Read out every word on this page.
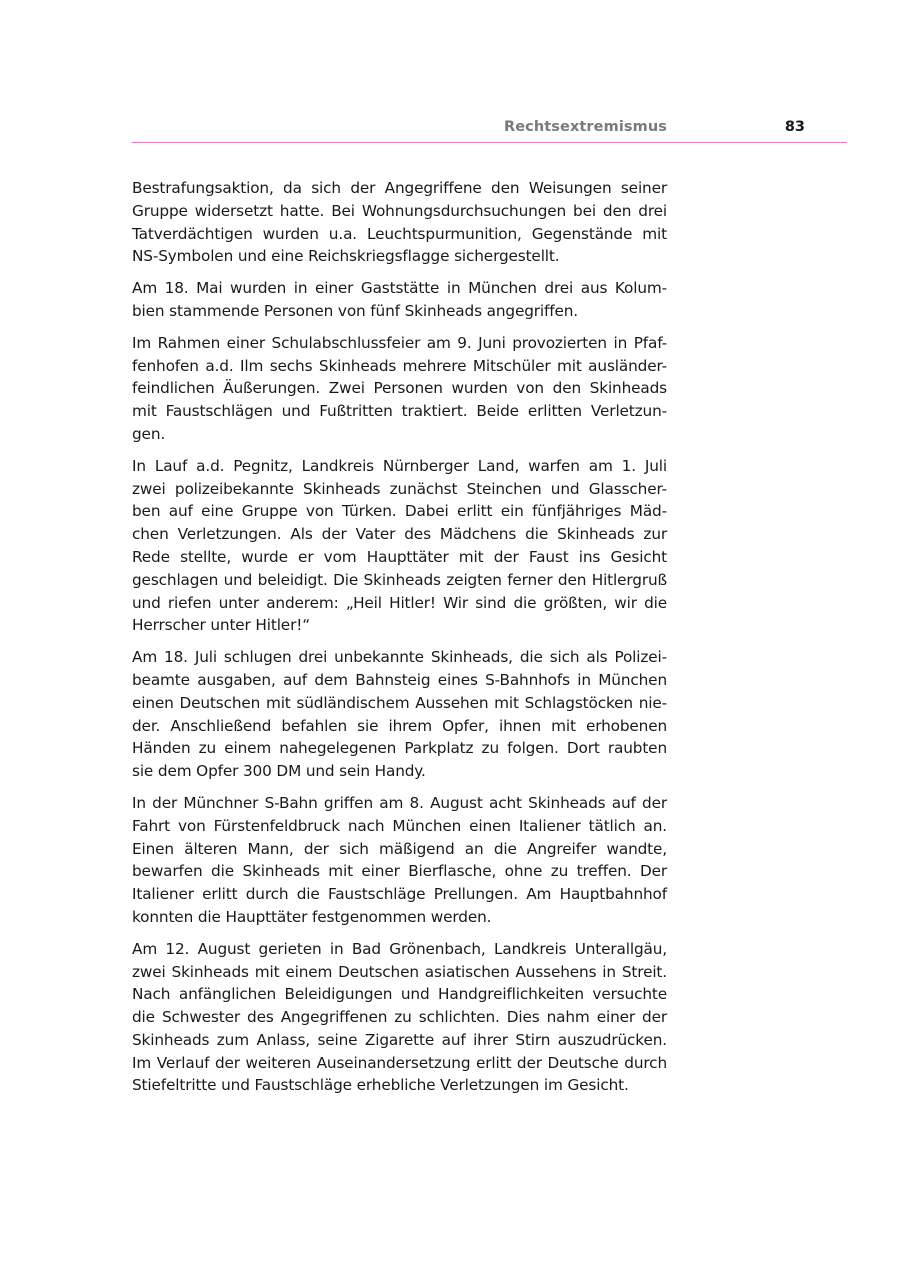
Rechtsextremismus	83

Bestrafungsaktion, da sich der Angegriffene den Weisungen seiner
Gruppe widersetzt hatte. Bei Wohnungsdurchsuchungen bei den drei
Tatverdächtigen wurden u.a. Leuchtspurmunition, Gegenstände mit
NS-Symbolen und eine Reichskriegsflagge sichergestellt.

Am 18. Mai wurden in einer Gaststätte in München drei aus Kolum-
bien stammende Personen von fünf Skinheads angegriffen.

Im Rahmen einer Schulabschlussfeier am 9. Juni provozierten in Pfaf-
fenhofen a.d. Ilm sechs Skinheads mehrere Mitschüler mit ausländer-
feindlichen Äußerungen. Zwei Personen wurden von den Skinheads
mit Faustschlägen und Fußtritten traktiert. Beide erlitten Verletzun-
gen.

In Lauf a.d. Pegnitz, Landkreis Nürnberger Land, warfen am 1. Juli
zwei polizeibekannte Skinheads zunächst Steinchen und Glasscher-
ben auf eine Gruppe von Türken. Dabei erlitt ein fünfjähriges Mäd-
chen Verletzungen. Als der Vater des Mädchens die Skinheads zur
Rede stellte, wurde er vom Haupttäter mit der Faust ins Gesicht
geschlagen und beleidigt. Die Skinheads zeigten ferner den Hitlergruß
und riefen unter anderem: „Heil Hitler! Wir sind die größten, wir die
Herrscher unter Hitler!“

Am 18. Juli schlugen drei unbekannte Skinheads, die sich als Polizei-
beamte ausgaben, auf dem Bahnsteig eines S-Bahnhofs in München
einen Deutschen mit südländischem Aussehen mit Schlagstöcken nie-
der. Anschließend befahlen sie ihrem Opfer, ihnen mit erhobenen
Händen zu einem nahegelegenen Parkplatz zu folgen. Dort raubten
sie dem Opfer 300 DM und sein Handy.

In der Münchner S-Bahn griffen am 8. August acht Skinheads auf der
Fahrt von Fürstenfeldbruck nach München einen Italiener tätlich an.
Einen älteren Mann, der sich mäßigend an die Angreifer wandte,
bewarfen die Skinheads mit einer Bierflasche, ohne zu treffen. Der
Italiener erlitt durch die Faustschläge Prellungen. Am Hauptbahnhof
konnten die Haupttäter festgenommen werden.

Am 12. August gerieten in Bad Grönenbach, Landkreis Unterallgäu,
zwei Skinheads mit einem Deutschen asiatischen Aussehens in Streit.
Nach anfänglichen Beleidigungen und Handgreiflichkeiten versuchte
die Schwester des Angegriffenen zu schlichten. Dies nahm einer der
Skinheads zum Anlass, seine Zigarette auf ihrer Stirn auszudrücken.
Im Verlauf der weiteren Auseinandersetzung erlitt der Deutsche durch
Stiefeltritte und Faustschläge erhebliche Verletzungen im Gesicht.
